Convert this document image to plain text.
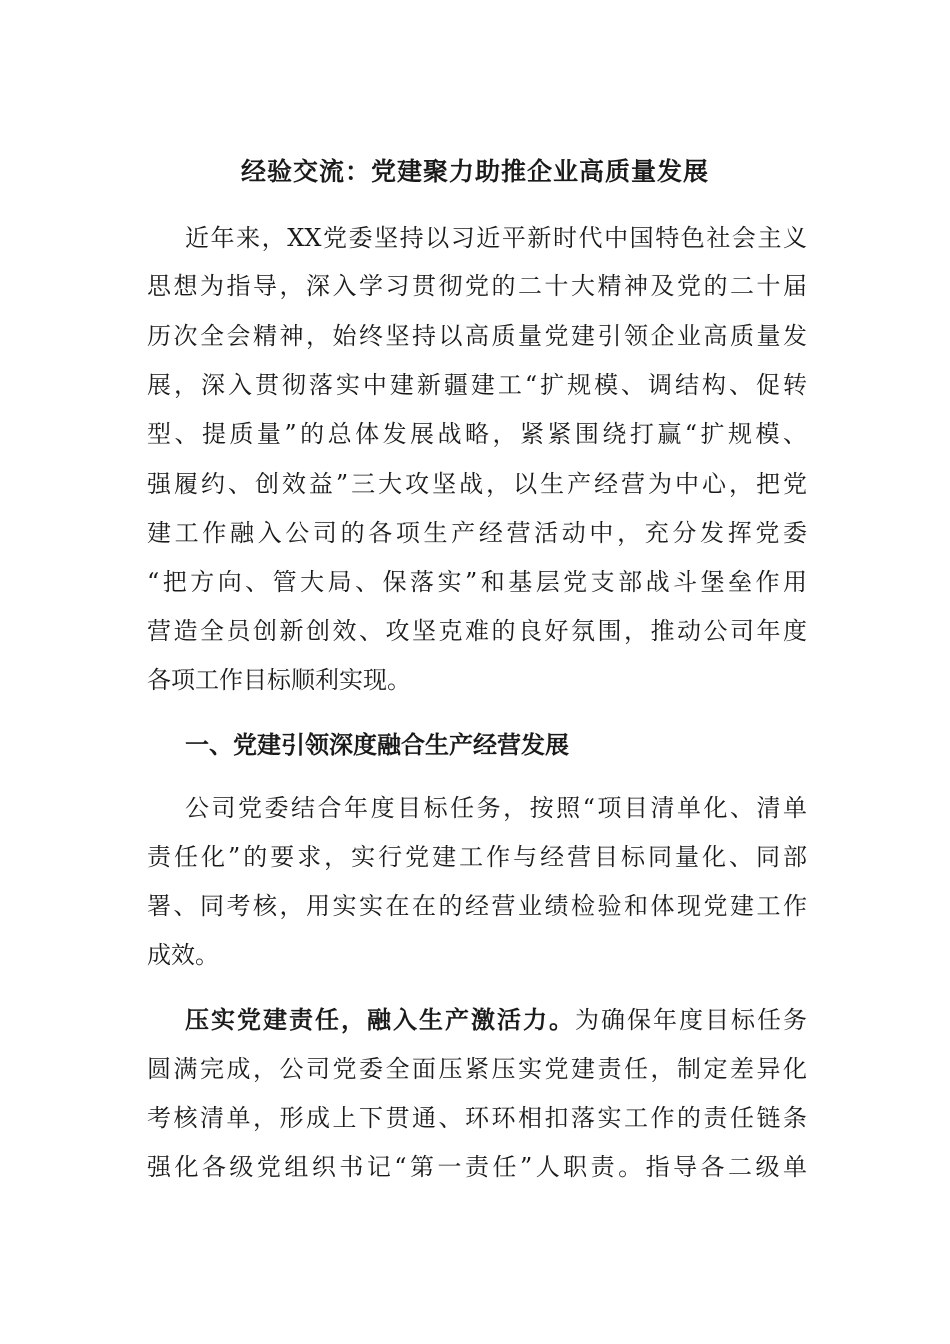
经验交流：党建聚力助推企业高质量发展
近年来，XX党委坚持以习近平新时代中国特色社会主义
思想为指导，深入学习贯彻党的二十大精神及党的二十届
历次全会精神，始终坚持以高质量党建引领企业高质量发
展，深入贯彻落实中建新疆建工“扩规模、调结构、促转
型、提质量”的总体发展战略，紧紧围绕打赢“扩规模、
强履约、创效益”三大攻坚战，以生产经营为中心，把党
建工作融入公司的各项生产经营活动中，充分发挥党委
“把方向、管大局、保落实”和基层党支部战斗堡垒作用
营造全员创新创效、攻坚克难的良好氛围，推动公司年度
各项工作目标顺利实现。
一、党建引领深度融合生产经营发展
公司党委结合年度目标任务，按照“项目清单化、清单
责任化”的要求，实行党建工作与经营目标同量化、同部
署、同考核，用实实在在的经营业绩检验和体现党建工作
成效。
压实党建责任，融入生产激活力。为确保年度目标任务
圆满完成，公司党委全面压紧压实党建责任，制定差异化
考核清单，形成上下贯通、环环相扣落实工作的责任链条
强化各级党组织书记“第一责任”人职责。指导各二级单
